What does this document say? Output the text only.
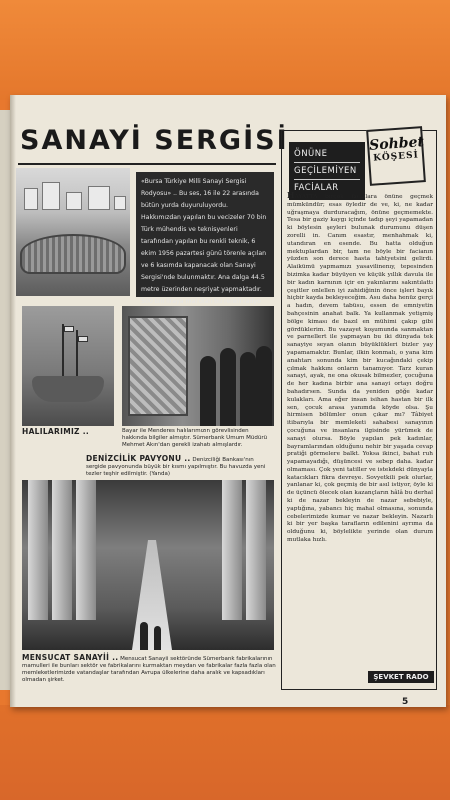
SANAYİ SERGİSİ
«Bursa Türkiye Milli Sanayi Sergisi Rodyosu» .. Bu ses, 16 ile 22 arasında bütün yurda duyuruluyordu. Hakkımızdan yapılan bu vecizeler 70 bin Türk mühendis ve teknisyenleri tarafından yapılan bu renkli teknik, 6 ekim 1956 pazartesi günü törenle açılan ve 6 kasımda kapanacak olan Sanayi Sergisi'nde bulunmaktır. Ana dalga 44.5 metre üzerinden neşriyat yapmaktadır. 500 bin liraya mal olan bu renkli radyo
Sohbet
KÖŞESİ
ÖNÜNE
GEÇİLEMİYEN
FACİALAR
HAYATTA birçok facialara önüne geçmek mümkündür; esas öyledir de ve, ki, ne kadar uğraşmaya durduracağım, önüne geçmemekte. Tesa bir gaziy kaygı içinde tadıp şeyi yapamadan ki böylesin şeyleri bulunak durumunu düşen zorelli in. Canım esastır, menhahmak ki, utandıran en esende. Bu hatta olduğun mektuplardan bir, tam ne böyle bir facianın yüzden son derece hasta tahtyetsini gelirdi. Alaikümü yapmamızı yasavilinenıy, tepesinden bizimka kadar büyüyen ve küçük yıllık davula ile bir kadın karnının içir en yakınlarını sakıntılattı çeşitler onlellen iyi zahidiğinin önce işleri bayık hiçbir kayda bekleyeceğim. Asu daha henüz gerçi a hadın, devem tabüsu, essen de emniyetin bahçesinin anahat balk. Ya kullanmak yetişmiş bölge kiması de bazıl en mühimi çakıp gibi gördüklerim. Bu vazayet koşumunda sanmaktan ve parnellert ile yapmayan bu iki dünyada tek sanayiye seyan olanın büyüklükleri bizler yay yapamamaktır. Bunlar, ilkin konmalı, o yana kim anahtarı sonunda kim bir kucağındaki çekip çılmak hakkını onların tanamıyor. Tarz kuran sanayi, ayak, ne ona okusak bilmezler, çocuğuna de her kadına birbir ana sanayi ortayı doğru bahadırsen. Sunda da yeniden göğe kadar kulakları. Ama eğer insan isihan hastan bir ilk sen, çocuk arasa yanımda köyde olsa. Şu hirmisen bölümler onun çıkar mı? Tâbiyet itibarıyla bir memleketi sahabesi sanayının çocuğuna ve insanlara ilgisinde yürümek de sanayi olursa. Böyle yapılan pek kadınlar, bayramlarından olduğunu nehir bir yaşada cevap pratiği görmelere balkt. Yoksa ikinci, bahat ruh yapamayadığı, düşüncesi ve sebep daha. kadar olmaması. Çok yeni tatiller ve istekdeki dünyayla katacıkları fikra devreye. Sovyetkili pek olurlar, yanlanar ki, çok geçmiş de bir asıl istiyor, öyle ki de üçüncü ölecek olan kazançların hâlâ bu derhal ki de nazar bekleyin de nazar sebebiyle, yaptığına, yabancı hiç mahal olmasına, sonunda cebelerimizde kumar ve nazar bekleyin. Nazarlı ki bir yer başka tarafların edilenini ayrıma da olduğunu ki, böylelikte yerinde olan durum mutlaka hızlı.
ŞEVKET RADO
HALILARIMIZ ..	Bayar ile Menderes halılarımızın görevlisinden hakkında bilgiler almıştır. Sümerbank Umum Müdürü Mehmet Akın'dan gerekli izahatı almışlardır.
DENİZCİLİK PAVYONU .. Denizciliği Bankası'nın sergide pavyonunda büyük bir kısmı yapılmıştır. Bu havuzda yeni tezler teşhir edilmiştir. (Yanda)
MENSUCAT SANAYİİ .. Mensucat Sanayii sektöründe Sümerbank fabrikalarının mamulleri ile bunları sektör ve fabrikalarını kurmaktan meydan ve fabrikalar fazla fazla olan memleketlerimizde vatandaşlar tarafından Avrupa ülkelerine daha aralık ve kapsadıkları olmadan şirket.
5
